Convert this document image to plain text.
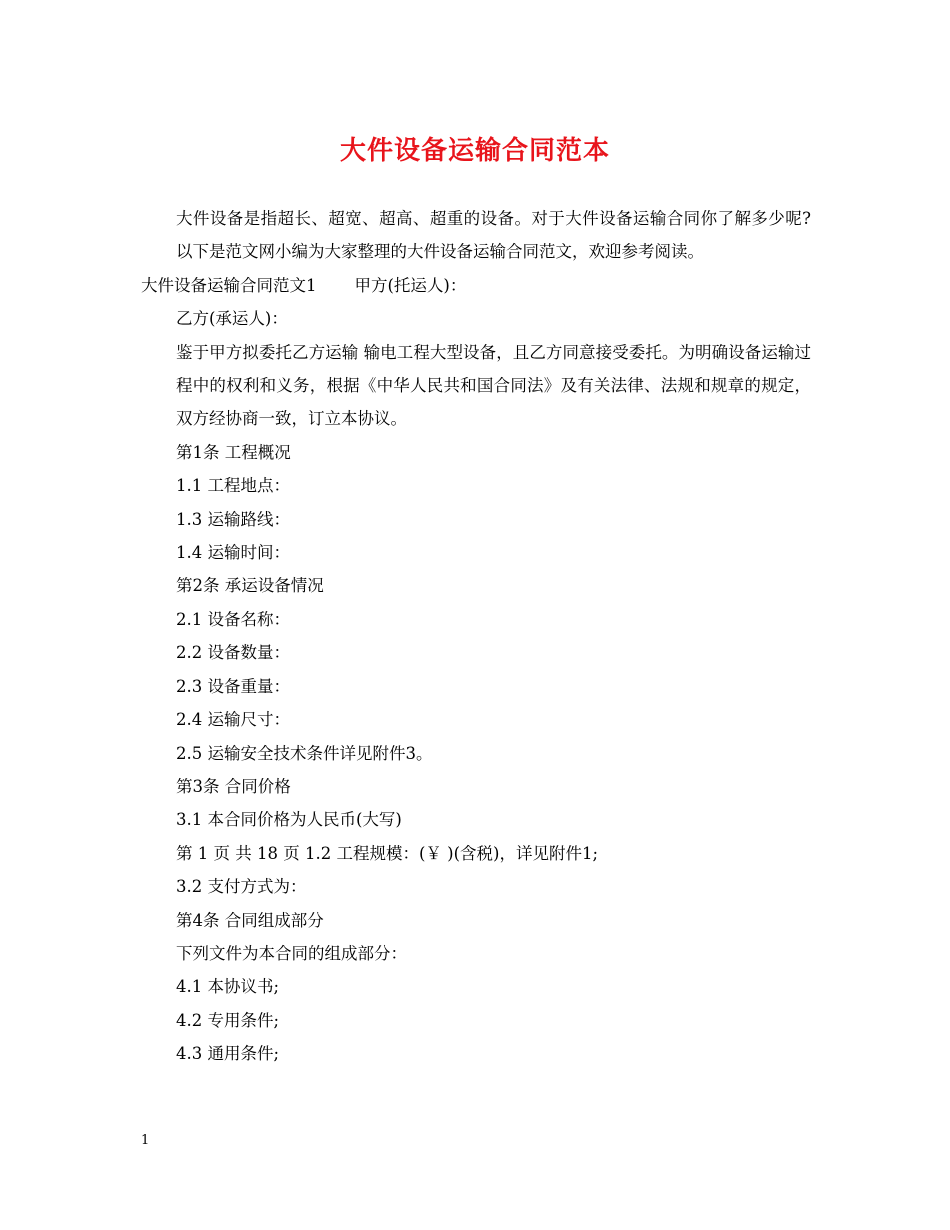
大件设备运输合同范本

大件设备是指超长、超宽、超高、超重的设备。对于大件设备运输合同你了解多少呢?以下是范文网小编为大家整理的大件设备运输合同范文，欢迎参考阅读。

大件设备运输合同范文1 甲方(托运人)：

乙方(承运人)：

鉴于甲方拟委托乙方运输 输电工程大型设备，且乙方同意接受委托。为明确设备运输过程中的权利和义务，根据《中华人民共和国合同法》及有关法律、法规和规章的规定，双方经协商一致，订立本协议。

第1条 工程概况

1.1 工程地点：

1.3 运输路线：

1.4 运输时间：

第2条 承运设备情况

2.1 设备名称：

2.2 设备数量：

2.3 设备重量：

2.4 运输尺寸：

2.5 运输安全技术条件详见附件3。

第3条 合同价格

3.1 本合同价格为人民币(大写)

第 1 页 共 18 页 1.2 工程规模：(￥ )(含税)，详见附件1;

3.2 支付方式为：

第4条 合同组成部分

下列文件为本合同的组成部分：

4.1 本协议书;

4.2 专用条件;

4.3 通用条件;

1
